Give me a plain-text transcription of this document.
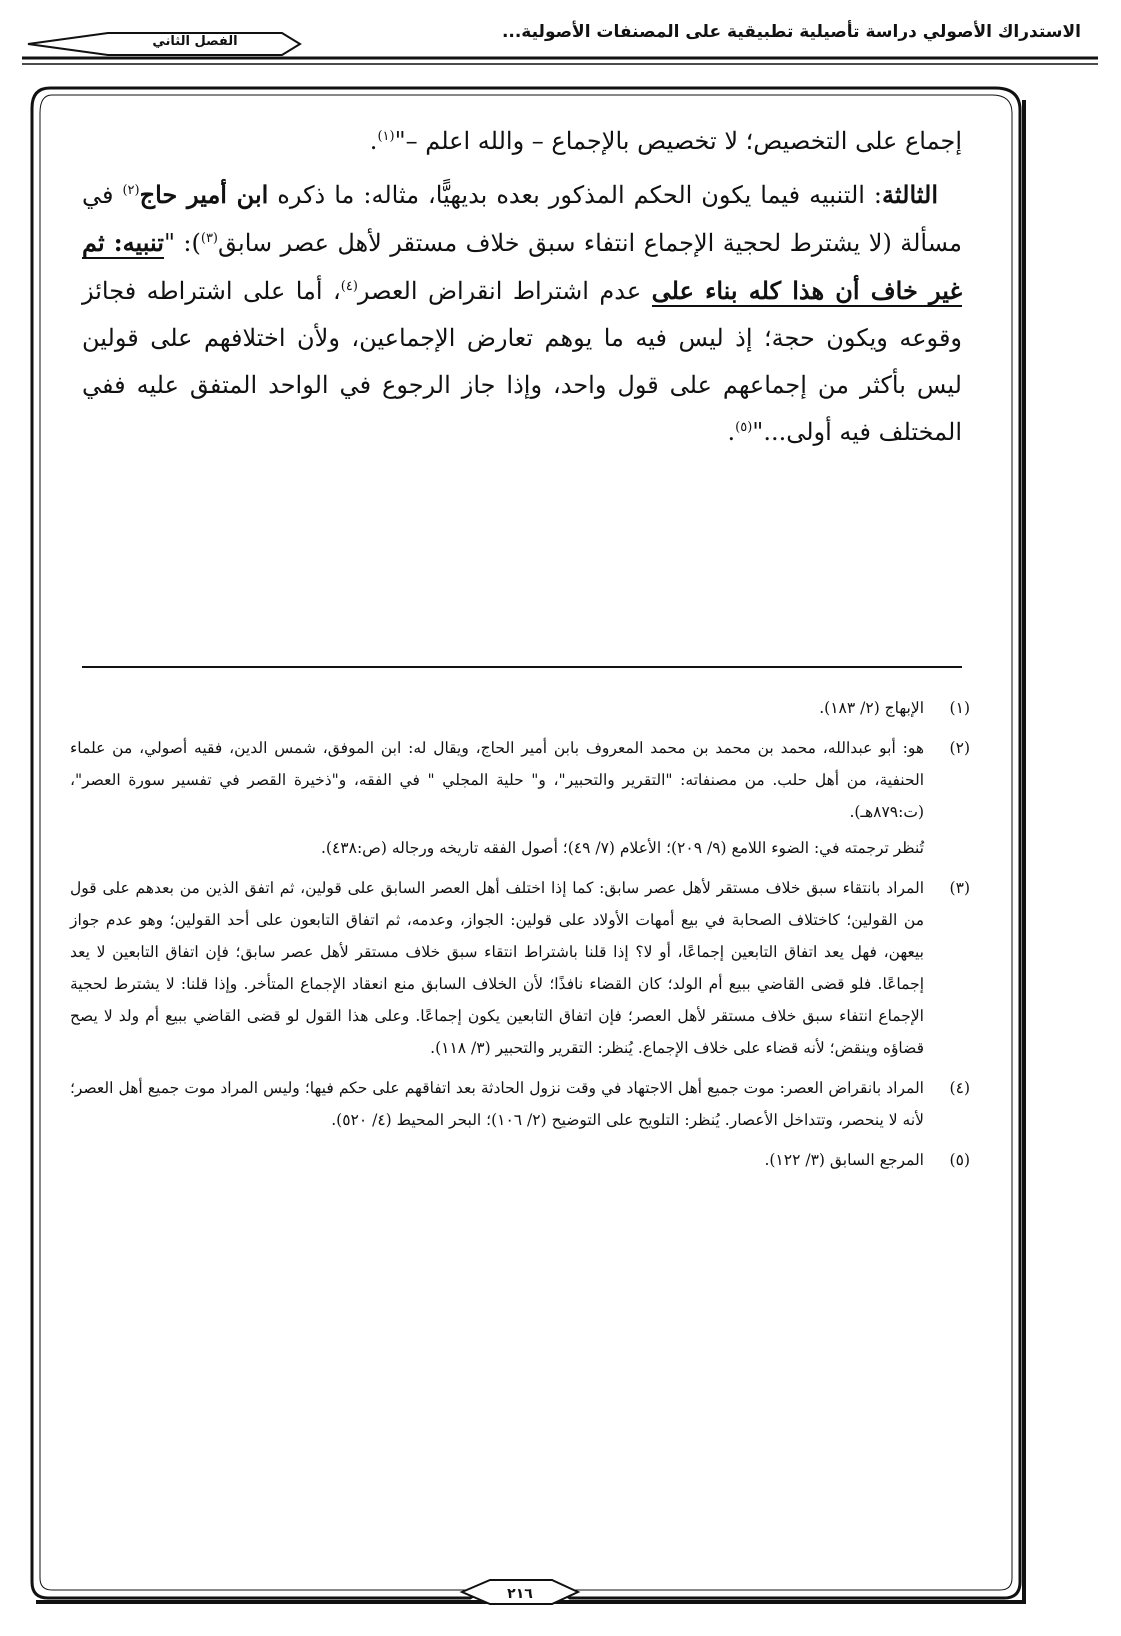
الاستدراك الأصولي دراسة تأصيلية تطبيقية على المصنفات الأصولية...
الفصل الثاني

إجماع على التخصيص؛ لا تخصيص بالإجماع – والله اعلم –"$^{(١)}$.

الثالثة: التنبيه فيما يكون الحكم المذكور بعده بديهيًّا، مثاله: ما ذكره ابن أمير حاج$^{(٢)}$ في مسألة (لا يشترط لحجية الإجماع انتفاء سبق خلاف مستقر لأهل عصر سابق$^{(٣)}$): "تنبيه: ثم غير خاف أن هذا كله بناء على عدم اشتراط انقراض العصر$^{(٤)}$، أما على اشتراطه فجائز وقوعه ويكون حجة؛ إذ ليس فيه ما يوهم تعارض الإجماعين، ولأن اختلافهم على قولين ليس بأكثر من إجماعهم على قول واحد، وإذا جاز الرجوع في الواحد المتفق عليه ففي المختلف فيه أولى..."$^{(٥)}$.

(١)

الإبهاج (٢/ ١٨٣).

(٢)

هو: أبو عبدالله، محمد بن محمد بن محمد المعروف بابن أمير الحاج، ويقال له: ابن الموفق، شمس الدين، فقيه أصولي، من علماء الحنفية، من أهل حلب. من مصنفاته: "التقرير والتحبير"، و" حلية المجلي " في الفقه، و"ذخيرة القصر في تفسير سورة العصر"، (ت:٨٧٩هـ).

تُنظر ترجمته في: الضوء اللامع (٩/ ٢٠٩)؛ الأعلام (٧/ ٤٩)؛ أصول الفقه تاريخه ورجاله (ص:٤٣٨).

(٣)

المراد بانتقاء سبق خلاف مستقر لأهل عصر سابق: كما إذا اختلف أهل العصر السابق على قولين، ثم اتفق الذين من بعدهم على قول من القولين؛ كاختلاف الصحابة في بيع أمهات الأولاد على قولين: الجواز، وعدمه، ثم اتفاق التابعون على أحد القولين؛ وهو عدم جواز بيعهن، فهل يعد اتفاق التابعين إجماعًا، أو لا؟ إذا قلنا باشتراط انتقاء سبق خلاف مستقر لأهل عصر سابق؛ فإن اتفاق التابعين لا يعد إجماعًا. فلو قضى القاضي ببيع أم الولد؛ كان القضاء نافذًا؛ لأن الخلاف السابق منع انعقاد الإجماع المتأخر. وإذا قلنا: لا يشترط لحجية الإجماع انتفاء سبق خلاف مستقر لأهل العصر؛ فإن اتفاق التابعين يكون إجماعًا. وعلى هذا القول لو قضى القاضي ببيع أم ولد لا يصح قضاؤه وينقض؛ لأنه قضاء على خلاف الإجماع. يُنظر: التقرير والتحبير (٣/ ١١٨).

(٤)

المراد بانقراض العصر: موت جميع أهل الاجتهاد في وقت نزول الحادثة بعد اتفاقهم على حكم فيها؛ وليس المراد موت جميع أهل العصر؛ لأنه لا ينحصر، وتتداخل الأعصار. يُنظر: التلويح على التوضيح (٢/ ١٠٦)؛ البحر المحيط (٤/ ٥٢٠).

(٥)

المرجع السابق (٣/ ١٢٢).

٢١٦
